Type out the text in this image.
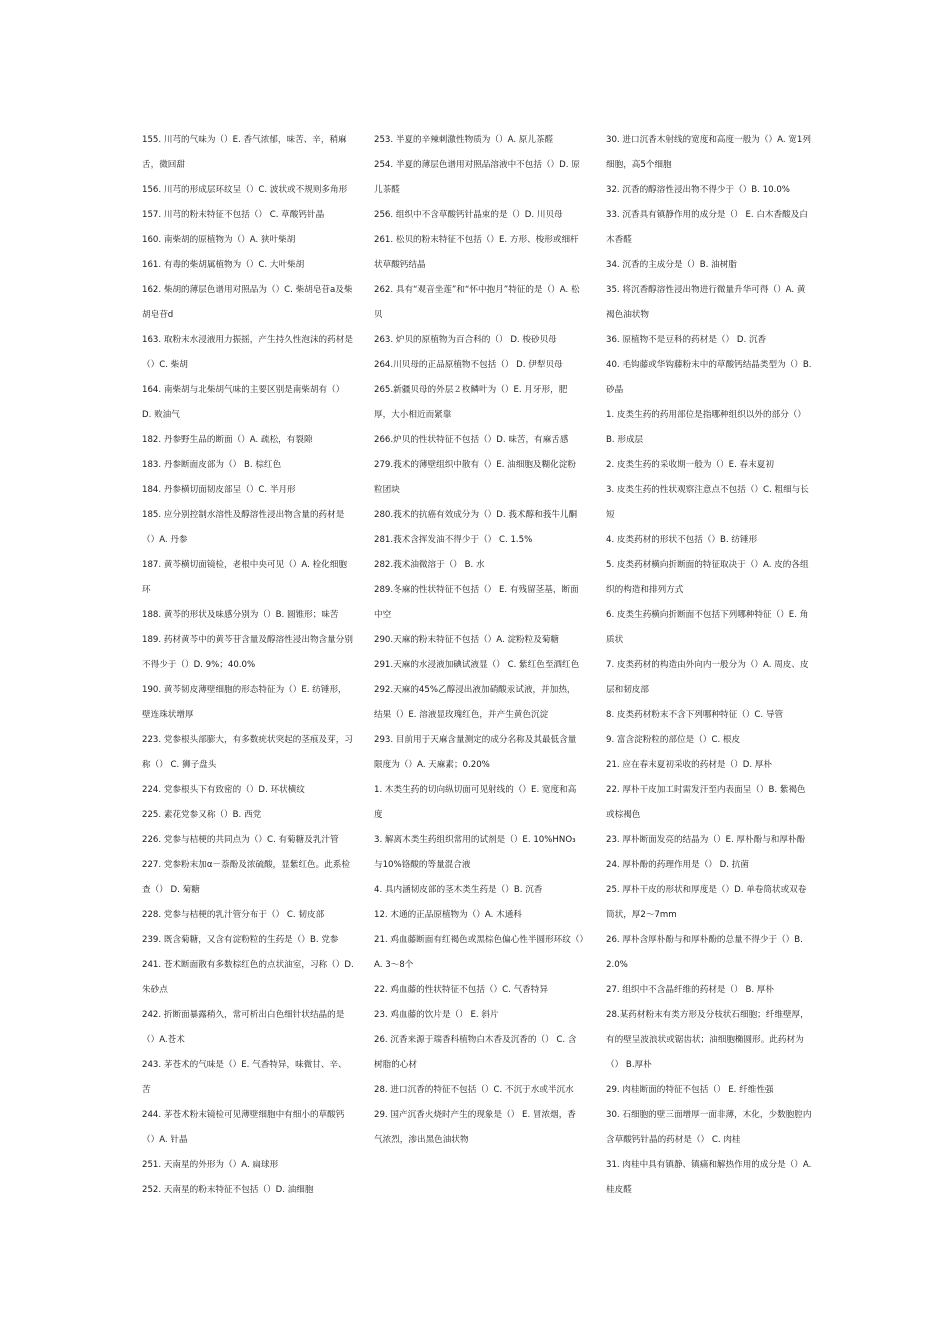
155. 川芎的气味为（）E. 香气浓郁，味苦、辛，稍麻舌，微回甜

156. 川芎的形成层环纹呈（）C. 波状或不规则多角形

157. 川芎的粉末特征不包括（） C. 草酸钙针晶

160. 南柴胡的原植物为（）A. 狭叶柴胡

161. 有毒的柴胡属植物为（）C. 大叶柴胡

162. 柴胡的薄层色谱用对照品为（）C. 柴胡皂苷a及柴胡皂苷d

163. 取粉末水浸液用力振摇，产生持久性泡沫的药材是（）C. 柴胡

164. 南柴胡与北柴胡气味的主要区别是南柴胡有（） D. 败油气

182. 丹参野生品的断面（）A. 疏松，有裂隙

183. 丹参断面皮部为（） B. 棕红色

184. 丹参横切面韧皮部呈（）C. 半月形

185. 应分别控制水溶性及醇溶性浸出物含量的药材是（）A. 丹参

187. 黄芩横切面镜检，老根中央可见（）A. 栓化细胞环

188. 黄芩的形状及味感分别为（）B. 圆锥形；味苦

189. 药材黄芩中的黄芩苷含量及醇溶性浸出物含量分别不得少于（）D. 9%；40.0%

190. 黄芩韧皮薄壁细胞的形态特征为（）E. 纺锤形，壁连珠状增厚

223. 党参根头部膨大，有多数疣状突起的茎痕及芽，习称（） C. 狮子盘头

224. 党参根头下有致密的（）D. 环状横纹

225. 素花党参又称（）B. 西党

226. 党参与桔梗的共同点为（）C. 有菊糖及乳汁管

227. 党参粉末加α－萘酚及浓硫酸，显紫红色。此系检查（） D. 菊糖

228. 党参与桔梗的乳汁管分布于（） C. 韧皮部

239. 既含菊糖，又含有淀粉粒的生药是（）B. 党参

241. 苍术断面散有多数棕红色的点状油室，习称（）D. 朱砂点

242. 折断面暴露稍久，常可析出白色细针状结晶的是（）A.苍术

243. 茅苍术的气味是（）E. 气香特异，味微甘、辛、苦

244. 茅苍术粉末镜检可见薄壁细胞中有细小的草酸钙（）A. 针晶

251. 天南星的外形为（）A. 扁球形

252. 天南星的粉末特征不包括（）D. 油细胞

253. 半夏的辛辣刺激性物质为（）A. 原儿茶醛

254. 半夏的薄层色谱用对照品溶液中不包括（）D. 原儿茶醛

256. 组织中不含草酸钙针晶束的是（）D. 川贝母

261. 松贝的粉末特征不包括（）E. 方形、梭形或细杆状草酸钙结晶

262. 具有“观音坐莲”和“怀中抱月”特征的是（）A. 松贝

263. 炉贝的原植物为百合科的（） D. 梭砂贝母

264.川贝母的正品原植物不包括（） D. 伊犁贝母

265.新疆贝母的外层２枚鳞叶为（）E. 月牙形，肥厚，大小相近而紧靠

266.炉贝的性状特征不包括（）D. 味苦，有麻舌感

279.莪术的薄壁组织中散有（）E. 油细胞及糊化淀粉粒团块

280.莪术的抗癌有效成分为（）D. 莪术醇和莪牛儿酮

281.莪术含挥发油不得少于（） C. 1.5%

282.莪术油微溶于（） B. 水

289.冬麻的性状特征不包括（） E. 有残留茎基，断面中空

290.天麻的粉末特征不包括（）A. 淀粉粒及菊糖

291.天麻的水浸液加碘试液显（） C. 紫红色至酒红色

292.天麻的45%乙醇浸出液加硝酸汞试液，并加热，结果（）E. 溶液显玫瑰红色，并产生黄色沉淀

293. 目前用于天麻含量测定的成分名称及其最低含量限度为（）A. 天麻素；0.20%

1. 木类生药的切向纵切面可见射线的（）E. 宽度和高度

3. 解离木类生药组织常用的试剂是（）E. 10%HNO₃与10%铬酸的等量混合液

4. 具内涵韧皮部的茎木类生药是（）B. 沉香

12. 木通的正品原植物为（）A. 木通科

21. 鸡血藤断面有红褐色或黑棕色偏心性半圆形环纹（）A. 3～8个

22. 鸡血藤的性状特征不包括（）C. 气香特异

23. 鸡血藤的饮片是（） E. 斜片

26. 沉香来源于瑞香科植物白木香及沉香的（） C. 含树脂的心材

28. 进口沉香的特征不包括（）C. 不沉于水或半沉水

29. 国产沉香火烧时产生的现象是（） E. 冒浓烟，香气浓烈，渗出黑色油状物

30. 进口沉香木射线的宽度和高度一般为（）A. 宽1列细胞，高5个细胞

32. 沉香的醇溶性浸出物不得少于（）B. 10.0%

33. 沉香具有镇静作用的成分是（） E. 白木香酸及白木香醛

34. 沉香的主成分是（）B. 油树脂

35. 将沉香醇溶性浸出物进行微量升华可得（）A. 黄褐色油状物

36. 原植物不是豆科的药材是（） D. 沉香

40. 毛钩藤或华钩藤粉末中的草酸钙结晶类型为（）B. 砂晶

1. 皮类生药的药用部位是指哪种组织以外的部分（）B. 形成层

2. 皮类生药的采收期一般为（）E. 春末夏初

3. 皮类生药的性状观察注意点不包括（）C. 粗细与长短

4. 皮类药材的形状不包括（）B. 纺锤形

5. 皮类药材横向折断面的特征取决于（）A. 皮的各组织的构造和排列方式

6. 皮类生药横向折断面不包括下列哪种特征（）E. 角质状

7. 皮类药材的构造由外向内一般分为（）A. 周皮、皮层和韧皮部

8. 皮类药材粉末不含下列哪种特征（）C. 导管

9. 富含淀粉粒的部位是（）C. 根皮

21. 应在春末夏初采收的药材是（）D. 厚朴

22. 厚朴干皮加工时需发汗至内表面呈（）B. 紫褐色或棕褐色

23. 厚朴断面发亮的结晶为（）E. 厚朴酚与和厚朴酚

24. 厚朴酚的药理作用是（） D. 抗菌

25. 厚朴干皮的形状和厚度是（）D. 单卷筒状或双卷筒状，厚2～7mm

26. 厚朴含厚朴酚与和厚朴酚的总量不得少于（）B. 2.0%

27. 组织中不含晶纤维的药材是（） B. 厚朴

28.某药材粉末有类方形及分枝状石细胞；纤维壁厚，有的壁呈波浪状或锯齿状；油细胞椭圆形。此药材为（） B.厚朴

29. 肉桂断面的特征不包括（） E. 纤维性强

30. 石细胞的壁三面增厚一面非薄，木化，少数胞腔内含草酸钙针晶的药材是（） C. 肉桂

31. 肉桂中具有镇静、镇痛和解热作用的成分是（）A. 桂皮醛
